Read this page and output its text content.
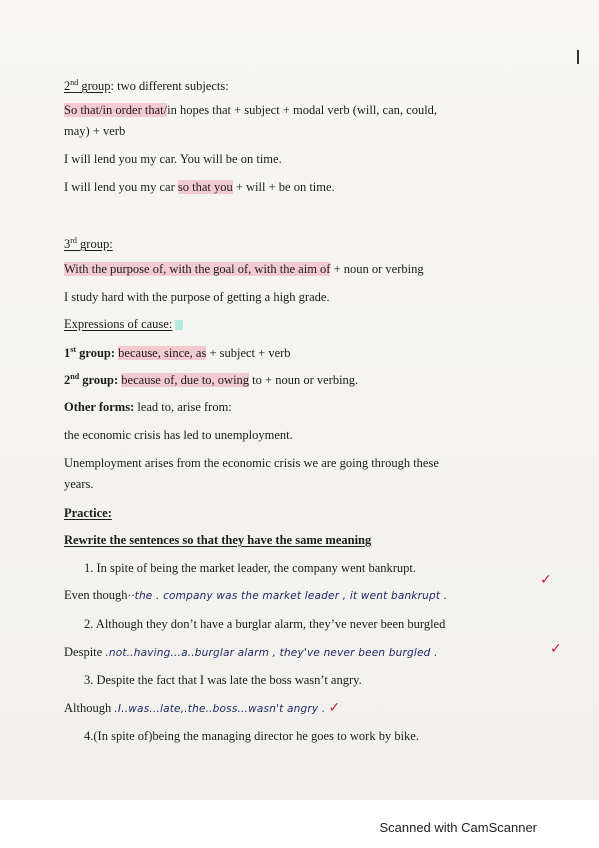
2nd group: two different subjects:
So that/in order that/in hopes that + subject + modal verb (will, can, could,
may) + verb
I will lend you my car. You will be on time.
I will lend you my car so that you + will + be on time.
3rd group:
With the purpose of, with the goal of, with the aim of + noun or verbing
I study hard with the purpose of getting a high grade.
Expressions of cause:
1st group: because, since, as + subject + verb
2nd group: because of, due to, owing to + noun or verbing.
Other forms: lead to, arise from:
the economic crisis has led to unemployment.
Unemployment arises from the economic crisis we are going through these
years.
Practice:
Rewrite the sentences so that they have the same meaning
1. In spite of being the market leader, the company went bankrupt.
Even though··the . company was the market leader , it went bankrupt .
✓
2. Although they don’t have a burglar alarm, they’ve never been burgled
Despite .not..having...a..burglar alarm , they've never been burgled .	✓
3. Despite the fact that I was late the boss wasn’t angry.
Although .I..was...late,.the..boss...wasn't angry . ✓
4.(In spite of)being the managing director he goes to work by bike.
Scanned with CamScanner
